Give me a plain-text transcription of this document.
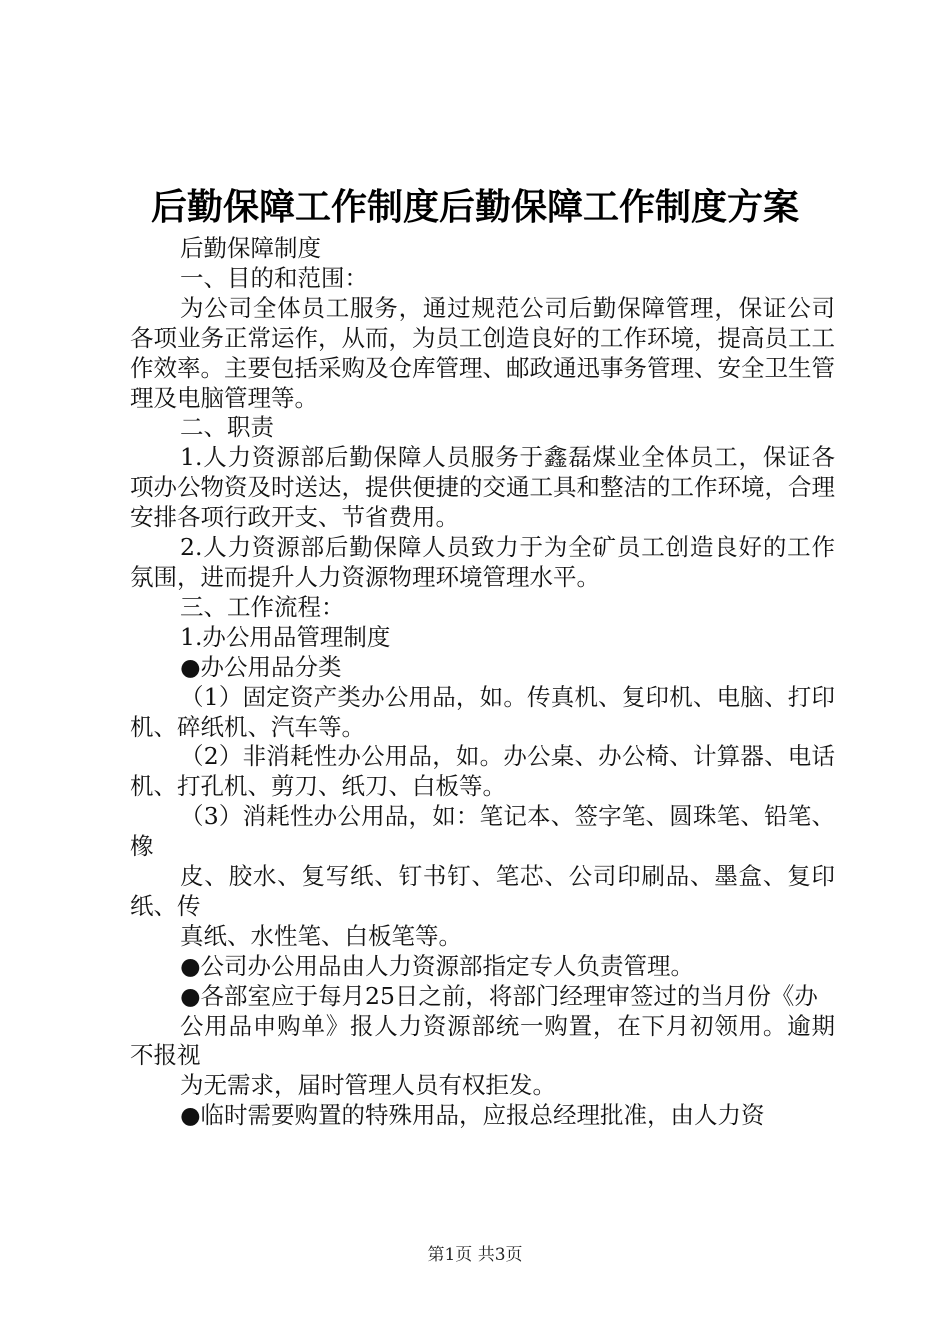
后勤保障工作制度后勤保障工作制度方案

后勤保障制度

一、目的和范围：

为公司全体员工服务，通过规范公司后勤保障管理，保证公司各项业务正常运作，从而，为员工创造良好的工作环境，提高员工工作效率。主要包括采购及仓库管理、邮政通迅事务管理、安全卫生管理及电脑管理等。

二、职责

1.人力资源部后勤保障人员服务于鑫磊煤业全体员工，保证各项办公物资及时送达，提供便捷的交通工具和整洁的工作环境，合理安排各项行政开支、节省费用。

2.人力资源部后勤保障人员致力于为全矿员工创造良好的工作氛围，进而提升人力资源物理环境管理水平。

三、工作流程：

1.办公用品管理制度

●办公用品分类

（1）固定资产类办公用品，如。传真机、复印机、电脑、打印机、碎纸机、汽车等。

（2）非消耗性办公用品，如。办公桌、办公椅、计算器、电话机、打孔机、剪刀、纸刀、白板等。

（3）消耗性办公用品，如：笔记本、签字笔、圆珠笔、铅笔、橡

皮、胶水、复写纸、钉书钉、笔芯、公司印刷品、墨盒、复印纸、传

真纸、水性笔、白板笔等。

●公司办公用品由人力资源部指定专人负责管理。

●各部室应于每月25日之前，将部门经理审签过的当月份《办

公用品申购单》报人力资源部统一购置，在下月初领用。逾期不报视

为无需求，届时管理人员有权拒发。

●临时需要购置的特殊用品，应报总经理批准，由人力资

第1页 共3页
